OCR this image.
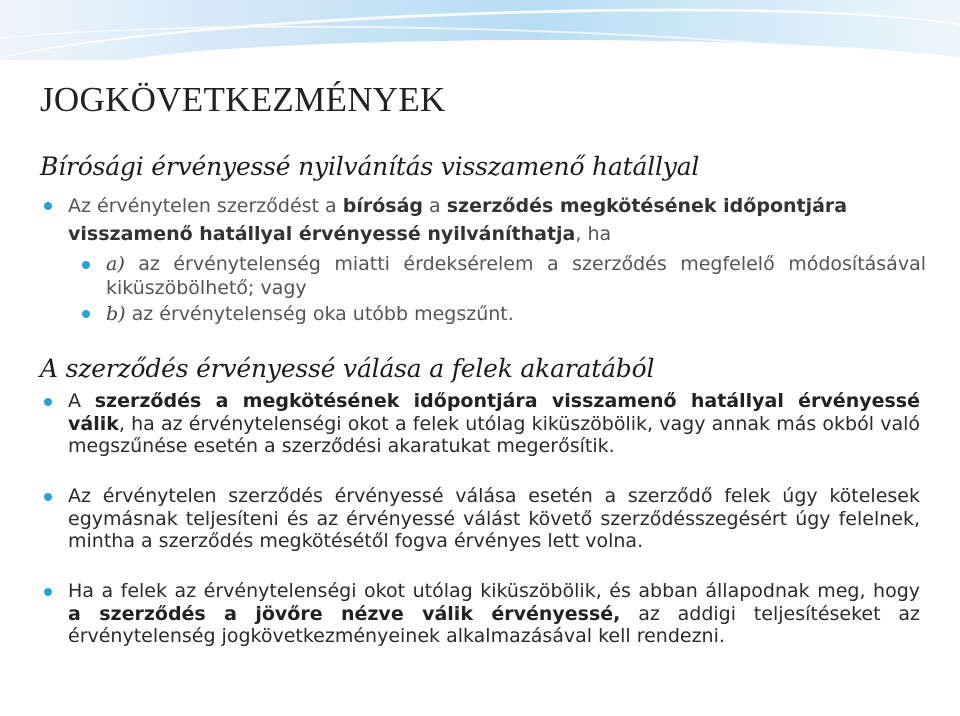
JOGKÖVETKEZMÉNYEK
Bírósági érvényessé nyilvánítás visszamenő hatállyal
Az érvénytelen szerződést a bíróság a szerződés megkötésének időpontjára visszamenő hatállyal érvényessé nyilváníthatja, ha
a) az érvénytelenség miatti érdeksérelem a szerződés megfelelő módosításával kiküszöbölhető; vagy
b) az érvénytelenség oka utóbb megszűnt.
A szerződés érvényessé válása a felek akaratából
A szerződés a megkötésének időpontjára visszamenő hatállyal érvényessé válik, ha az érvénytelenségi okot a felek utólag kiküszöbölik, vagy annak más okból való megszűnése esetén a szerződési akaratukat megerősítik.
Az érvénytelen szerződés érvényessé válása esetén a szerződő felek úgy kötelesek egymásnak teljesíteni és az érvényessé válást követő szerződésszegésért úgy felelnek, mintha a szerződés megkötésétől fogva érvényes lett volna.
Ha a felek az érvénytelenségi okot utólag kiküszöbölik, és abban állapodnak meg, hogy a szerződés a jövőre nézve válik érvényessé, az addigi teljesítéseket az érvénytelenség jogkövetkezményeinek alkalmazásával kell rendezni.
